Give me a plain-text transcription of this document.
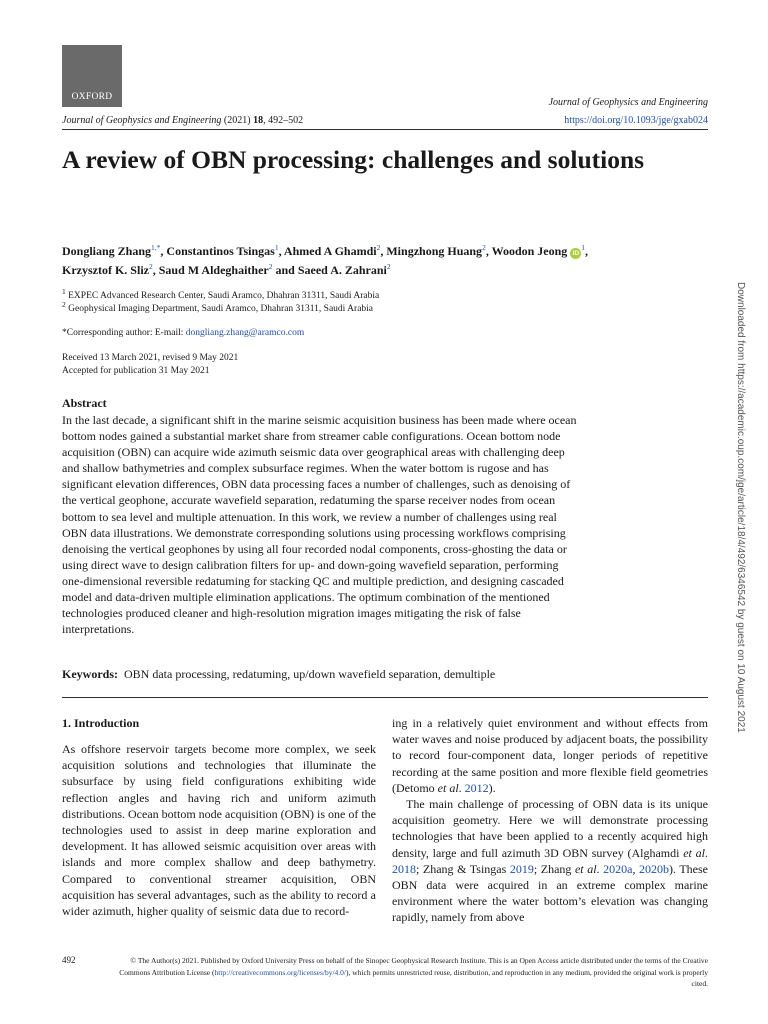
OXFORD	Journal of Geophysics and Engineering
Journal of Geophysics and Engineering (2021) 18, 492–502	https://doi.org/10.1093/jge/gxab024
A review of OBN processing: challenges and solutions
Dongliang Zhang$^{1,*}$, Constantinos Tsingas$^1$, Ahmed A Ghamdi$^2$, Mingzhong Huang$^2$, Woodon Jeong $iD^1$,
Krzysztof K. Sliz$^2$, Saud M Aldeghaither$^2$ and Saeed A. Zahrani$^2$
$^1$ EXPEC Advanced Research Center, Saudi Aramco, Dhahran 31311, Saudi Arabia
$^2$ Geophysical Imaging Department, Saudi Aramco, Dhahran 31311, Saudi Arabia
*Corresponding author: E-mail: dongliang.zhang@aramco.com
Received 13 March 2021, revised 9 May 2021
Accepted for publication 31 May 2021
Abstract
In the last decade, a significant shift in the marine seismic acquisition business has been made where ocean bottom nodes gained a substantial market share from streamer cable configurations. Ocean bottom node acquisition (OBN) can acquire wide azimuth seismic data over geographical areas with challenging deep and shallow bathymetries and complex subsurface regimes. When the water bottom is rugose and has significant elevation differences, OBN data processing faces a number of challenges, such as denoising of the vertical geophone, accurate wavefield separation, redatuming the sparse receiver nodes from ocean bottom to sea level and multiple attenuation. In this work, we review a number of challenges using real OBN data illustrations. We demonstrate corresponding solutions using processing workflows comprising denoising the vertical geophones by using all four recorded nodal components, cross-ghosting the data or using direct wave to design calibration filters for up- and down-going wavefield separation, performing one-dimensional reversible redatuming for stacking QC and multiple prediction, and designing cascaded model and data-driven multiple elimination applications. The optimum combination of the mentioned technologies produced cleaner and high-resolution migration images mitigating the risk of false interpretations.
Keywords: OBN data processing, redatuming, up/down wavefield separation, demultiple
1. Introduction

As offshore reservoir targets become more complex, we seek acquisition solutions and technologies that illuminate the subsurface by using field configurations exhibiting wide reflection angles and having rich and uniform azimuth distributions. Ocean bottom node acquisition (OBN) is one of the technologies used to assist in deep marine exploration and development. It has allowed seismic acquisition over areas with islands and more complex shallow and deep bathymetry. Compared to conventional streamer acquisition, OBN acquisition has several advantages, such as the ability to record a wider azimuth, higher quality of seismic data due to record-

ing in a relatively quiet environment and without effects from water waves and noise produced by adjacent boats, the possibility to record four-component data, longer periods of repetitive recording at the same position and more flexible field geometries (Detomo et al. 2012).

The main challenge of processing of OBN data is its unique acquisition geometry. Here we will demonstrate processing technologies that have been applied to a recently acquired high density, large and full azimuth 3D OBN survey (Alghamdi et al. 2018; Zhang & Tsingas 2019; Zhang et al. 2020a, 2020b). These OBN data were acquired in an extreme complex marine environment where the water bottom’s elevation was changing rapidly, namely from above

492	© The Author(s) 2021. Published by Oxford University Press on behalf of the Sinopec Geophysical Research Institute. This is an Open Access article distributed under the terms of the Creative Commons Attribution License (http://creativecommons.org/licenses/by/4.0/), which permits unrestricted reuse, distribution, and reproduction in any medium, provided the original work is properly cited.
Downloaded from https://academic.oup.com/jge/article/18/4/492/6346542 by guest on 10 August 2021
